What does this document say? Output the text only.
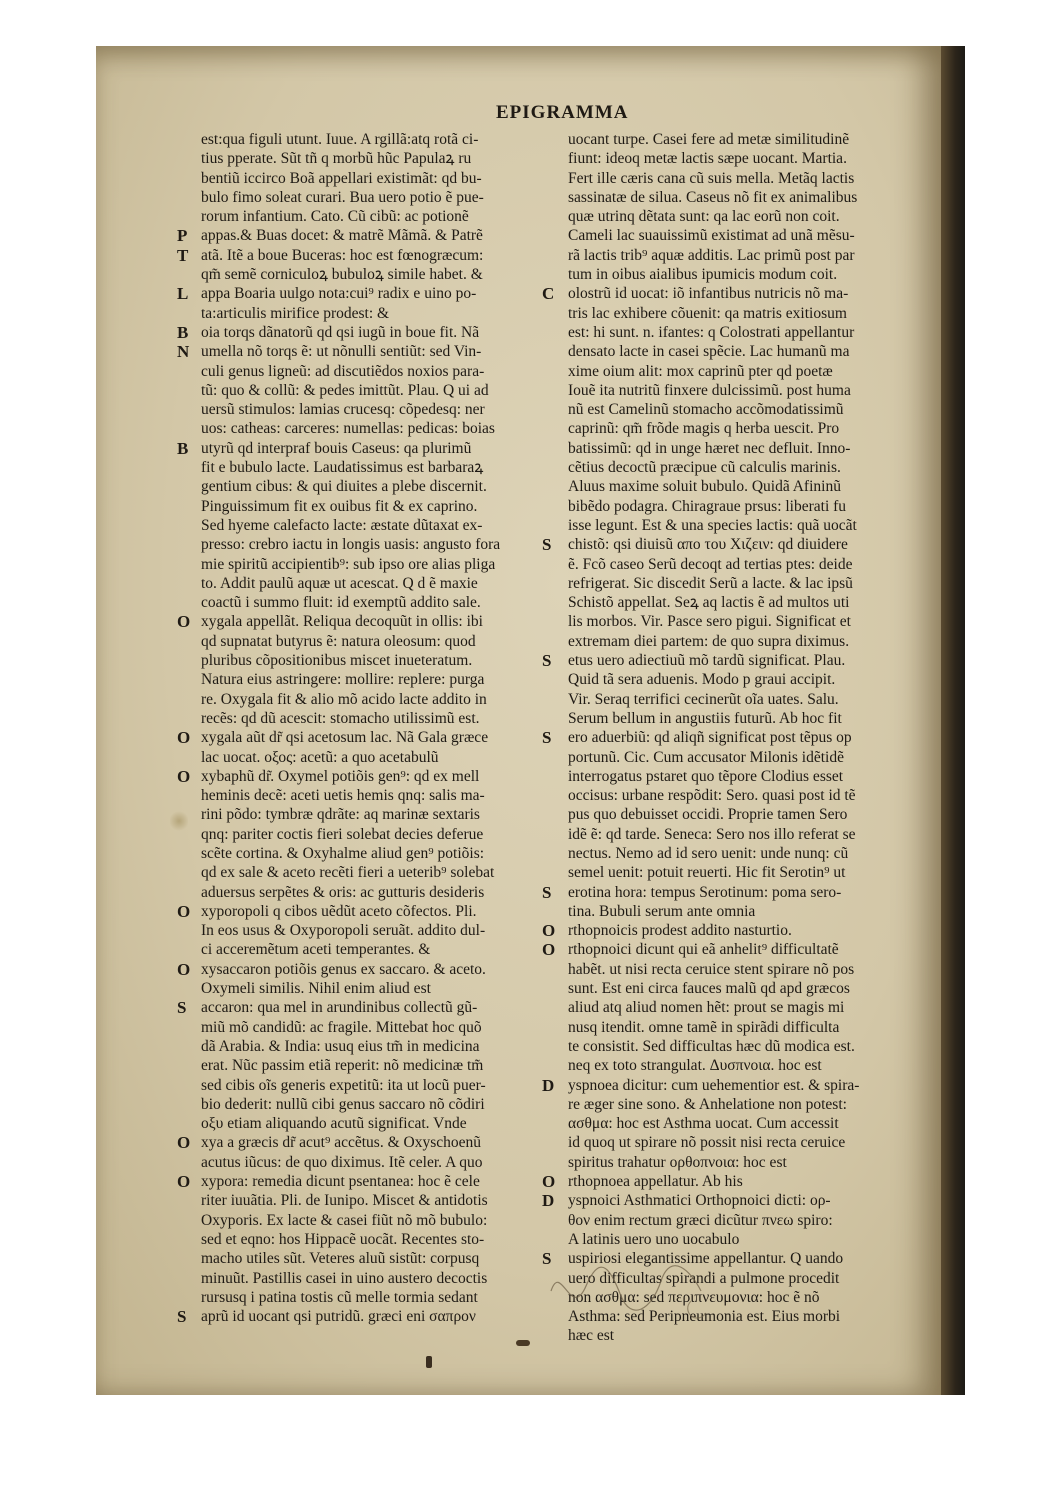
EPIGRAMMA
est:qua figuli utunt. Iuue. A rgillã:atq rotã ci-
tius pperate. Sũt tñ q morbũ hũc Papulaꝝ ru
bentiũ iccirco Boã appellari existimãt: qd bu-
bulo fimo soleat curari. Bua uero potio ẽ pue-
rorum infantium. Cato. Cũ cibũ: ac potionẽ
P appas.& Buas docet: & matrẽ Mãmã. & Patrẽ
T atã. Itẽ a boue Buceras: hoc est fœnogræcum:
qm̃ semẽ corniculoꝝ bubuloꝝ simile habet. &
L appa Boaria uulgo nota:cui⁹ radix e uino po-
ta:articulis mirifice prodest: &
B oia torqs dãnatorũ qd qsi iugũ in boue fit. Nã
N umella nõ torqs ẽ: ut nõnulli sentiũt: sed Vin-
culi genus ligneũ: ad discutiẽdos noxios para-
tũ: quo & collũ: & pedes imittũt. Plau. Q ui ad
uersũ stimulos: lamias crucesq: cõpedesq: ner
uos: catheas: carceres: numellas: pedicas: boias
B utyrũ qd interpraf bouis Caseus: qa plurimũ
fit e bubulo lacte. Laudatissimus est barbaraꝝ
gentium cibus: & qui diuites a plebe discernit.
Pinguissimum fit ex ouibus fit & ex caprino.
Sed hyeme calefacto lacte: æstate dũtaxat ex-
presso: crebro iactu in longis uasis: angusto fora
mie spiritũ accipientib⁹: sub ipso ore alias pliga
to. Addit paulũ aquæ ut acescat. Q d ẽ maxie
coactũ i summo fluit: id exemptũ addito sale.
O xygala appellãt. Reliqua decoquũt in ollis: ibi
qd supnatat butyrus ẽ: natura oleosum: quod
pluribus cõpositionibus miscet inueteratum.
Natura eius astringere: mollire: replere: purga
re. Oxygala fit & alio mõ acido lacte addito in
recẽs: qd dũ acescit: stomacho utilissimũ est.
O xygala aũt dr̃ qsi acetosum lac. Nã Gala græce
lac uocat. οξος: acetũ: a quo acetabulũ
O xybaphũ dr̃. Oxymel potiõis gen⁹: qd ex mell
heminis decẽ: aceti uetis hemis qnq: salis ma-
rini põdo: tymbræ qdrãte: aq marinæ sextaris
qnq: pariter coctis fieri solebat decies deferue
scẽte cortina. & Oxyhalme aliud gen⁹ potiõis:
qd ex sale & aceto recẽti fieri a ueterib⁹ solebat
aduersus serpẽtes & oris: ac gutturis desideris
O xyporopoli q cibos uẽdũt aceto cõfectos. Pli.
In eos usus & Oxyporopoli seruãt. addito dul-
ci acceremẽtum aceti temperantes. &
O xysaccaron potiõis genus ex saccaro. & aceto.
Oxymeli similis. Nihil enim aliud est
S accaron: qua mel in arundinibus collectũ gũ-
miũ mõ candidũ: ac fragile. Mittebat hoc quõ
dã Arabia. & India: usuq eius tm̃ in medicina
erat. Nũc passim etiã reperit: nõ medicinæ tm̃
sed cibis oĩs generis expetitũ: ita ut locũ puer-
bio dederit: nullũ cibi genus saccaro nõ cõdiri
οξυ etiam aliquando acutũ significat. Vnde
O xya a græcis dr̃ acut⁹ accẽtus. & Oxyschoenũ
acutus iũcus: de quo diximus. Itẽ celer. A quo
O xypora: remedia dicunt psentanea: hoc ẽ cele
riter iuuãtia. Pli. de Iunipo. Miscet & antidotis
Oxyporis. Ex lacte & casei fiũt nõ mõ bubulo:
sed et eqno: hos Hippacẽ uocãt. Recentes sto-
macho utiles sũt. Veteres aluũ sistũt: corpusq
minuũt. Pastillis casei in uino austero decoctis
rursusq i patina tostis cũ melle tormia sedant
S aprũ id uocant qsi putridũ. græci eni σαπρον
uocant turpe. Casei fere ad metæ similitudinẽ
fiunt: ideoq metæ lactis sæpe uocant. Martia.
Fert ille cæris cana cũ suis mella. Metãq lactis
sassinatæ de silua. Caseus nõ fit ex animalibus
quæ utrinq dẽtata sunt: qa lac eorũ non coit.
Cameli lac suauissimũ existimat ad unã mẽsu-
rã lactis trib⁹ aquæ additis. Lac primũ post par
tum in oibus aialibus ipumicis modum coit.
C olostrũ id uocat: iõ infantibus nutricis nõ ma-
tris lac exhibere cõuenit: qa matris exitiosum
est: hi sunt. n. ifantes: q Colostrati appellantur
densato lacte in casei spẽcie. Lac humanũ ma
xime oium alit: mox caprinũ pter qd poetæ
Iouẽ ita nutritũ finxere dulcissimũ. post huma
nũ est Camelinũ stomacho accõmodatissimũ
caprinũ: qm̃ frõde magis q herba uescit. Pro
batissimũ: qd in unge hæret nec defluit. Inno-
cẽtius decoctũ præcipue cũ calculis marinis.
Aluus maxime soluit bubulo. Quidã Afininũ
bibẽdo podagra. Chiragraue prsus: liberati fu
isse legunt. Est & una species lactis: quã uocãt
S chistõ: qsi diuisũ απο του Χιζειν: qd diuidere
ẽ. Fcõ caseo Serũ decoqt ad tertias ptes: deide
refrigerat. Sic discedit Serũ a lacte. & lac ipsũ
Schistõ appellat. Seꝝ aq lactis ẽ ad multos uti
lis morbos. Vir. Pasce sero pigui. Significat et
extremam diei partem: de quo supra diximus.
S etus uero adiectiuũ mõ tardũ significat. Plau.
Quid tã sera aduenis. Modo p graui accipit.
Vir. Seraq terrifici cecinerũt oĩa uates. Salu.
Serum bellum in angustiis futurũ. Ab hoc fit
S ero aduerbiũ: qd aliqñ significat post tẽpus op
portunũ. Cic. Cum accusator Milonis idẽtidẽ
interrogatus pstaret quo tẽpore Clodius esset
occisus: urbane respõdit: Sero. quasi post id tẽ
pus quo debuisset occidi. Proprie tamen Sero
idẽ ẽ: qd tarde. Seneca: Sero nos illo referat se
nectus. Nemo ad id sero uenit: unde nunq: cũ
semel uenit: potuit reuerti. Hic fit Serotin⁹ ut
S erotina hora: tempus Serotinum: poma sero-
tina. Bubuli serum ante omnia
O rthopnoicis prodest addito nasturtio.
O rthopnoici dicunt qui eã anhelit⁹ difficultatẽ
habẽt. ut nisi recta ceruice stent spirare nõ pos
sunt. Est eni circa fauces malũ qd apd græcos
aliud atq aliud nomen hẽt: prout se magis mi
nusq itendit. omne tamẽ in spirãdi difficulta
te consistit. Sed difficultas hæc dũ modica est.
neq ex toto strangulat. Δυσπνοια. hoc est
D yspnoea dicitur: cum uehementior est. & spira-
re æger sine sono. & Anhelatione non potest:
ασθμα: hoc est Asthma uocat. Cum accessit
id quoq ut spirare nõ possit nisi recta ceruice
spiritus trahatur ορθοπνοια: hoc est
O rthopnoea appellatur. Ab his
D yspnoici Asthmatici Orthopnoici dicti: ορ-
θον enim rectum græci dicũtur πνεω spiro:
A latinis uero uno uocabulo
S uspiriosi elegantissime appellantur. Q uando
uero difficultas spirandi a pulmone procedit
non ασθμα: sed περιπνευμονια: hoc ẽ nõ
Asthma: sed Peripneumonia est. Eius morbi
hæc est
